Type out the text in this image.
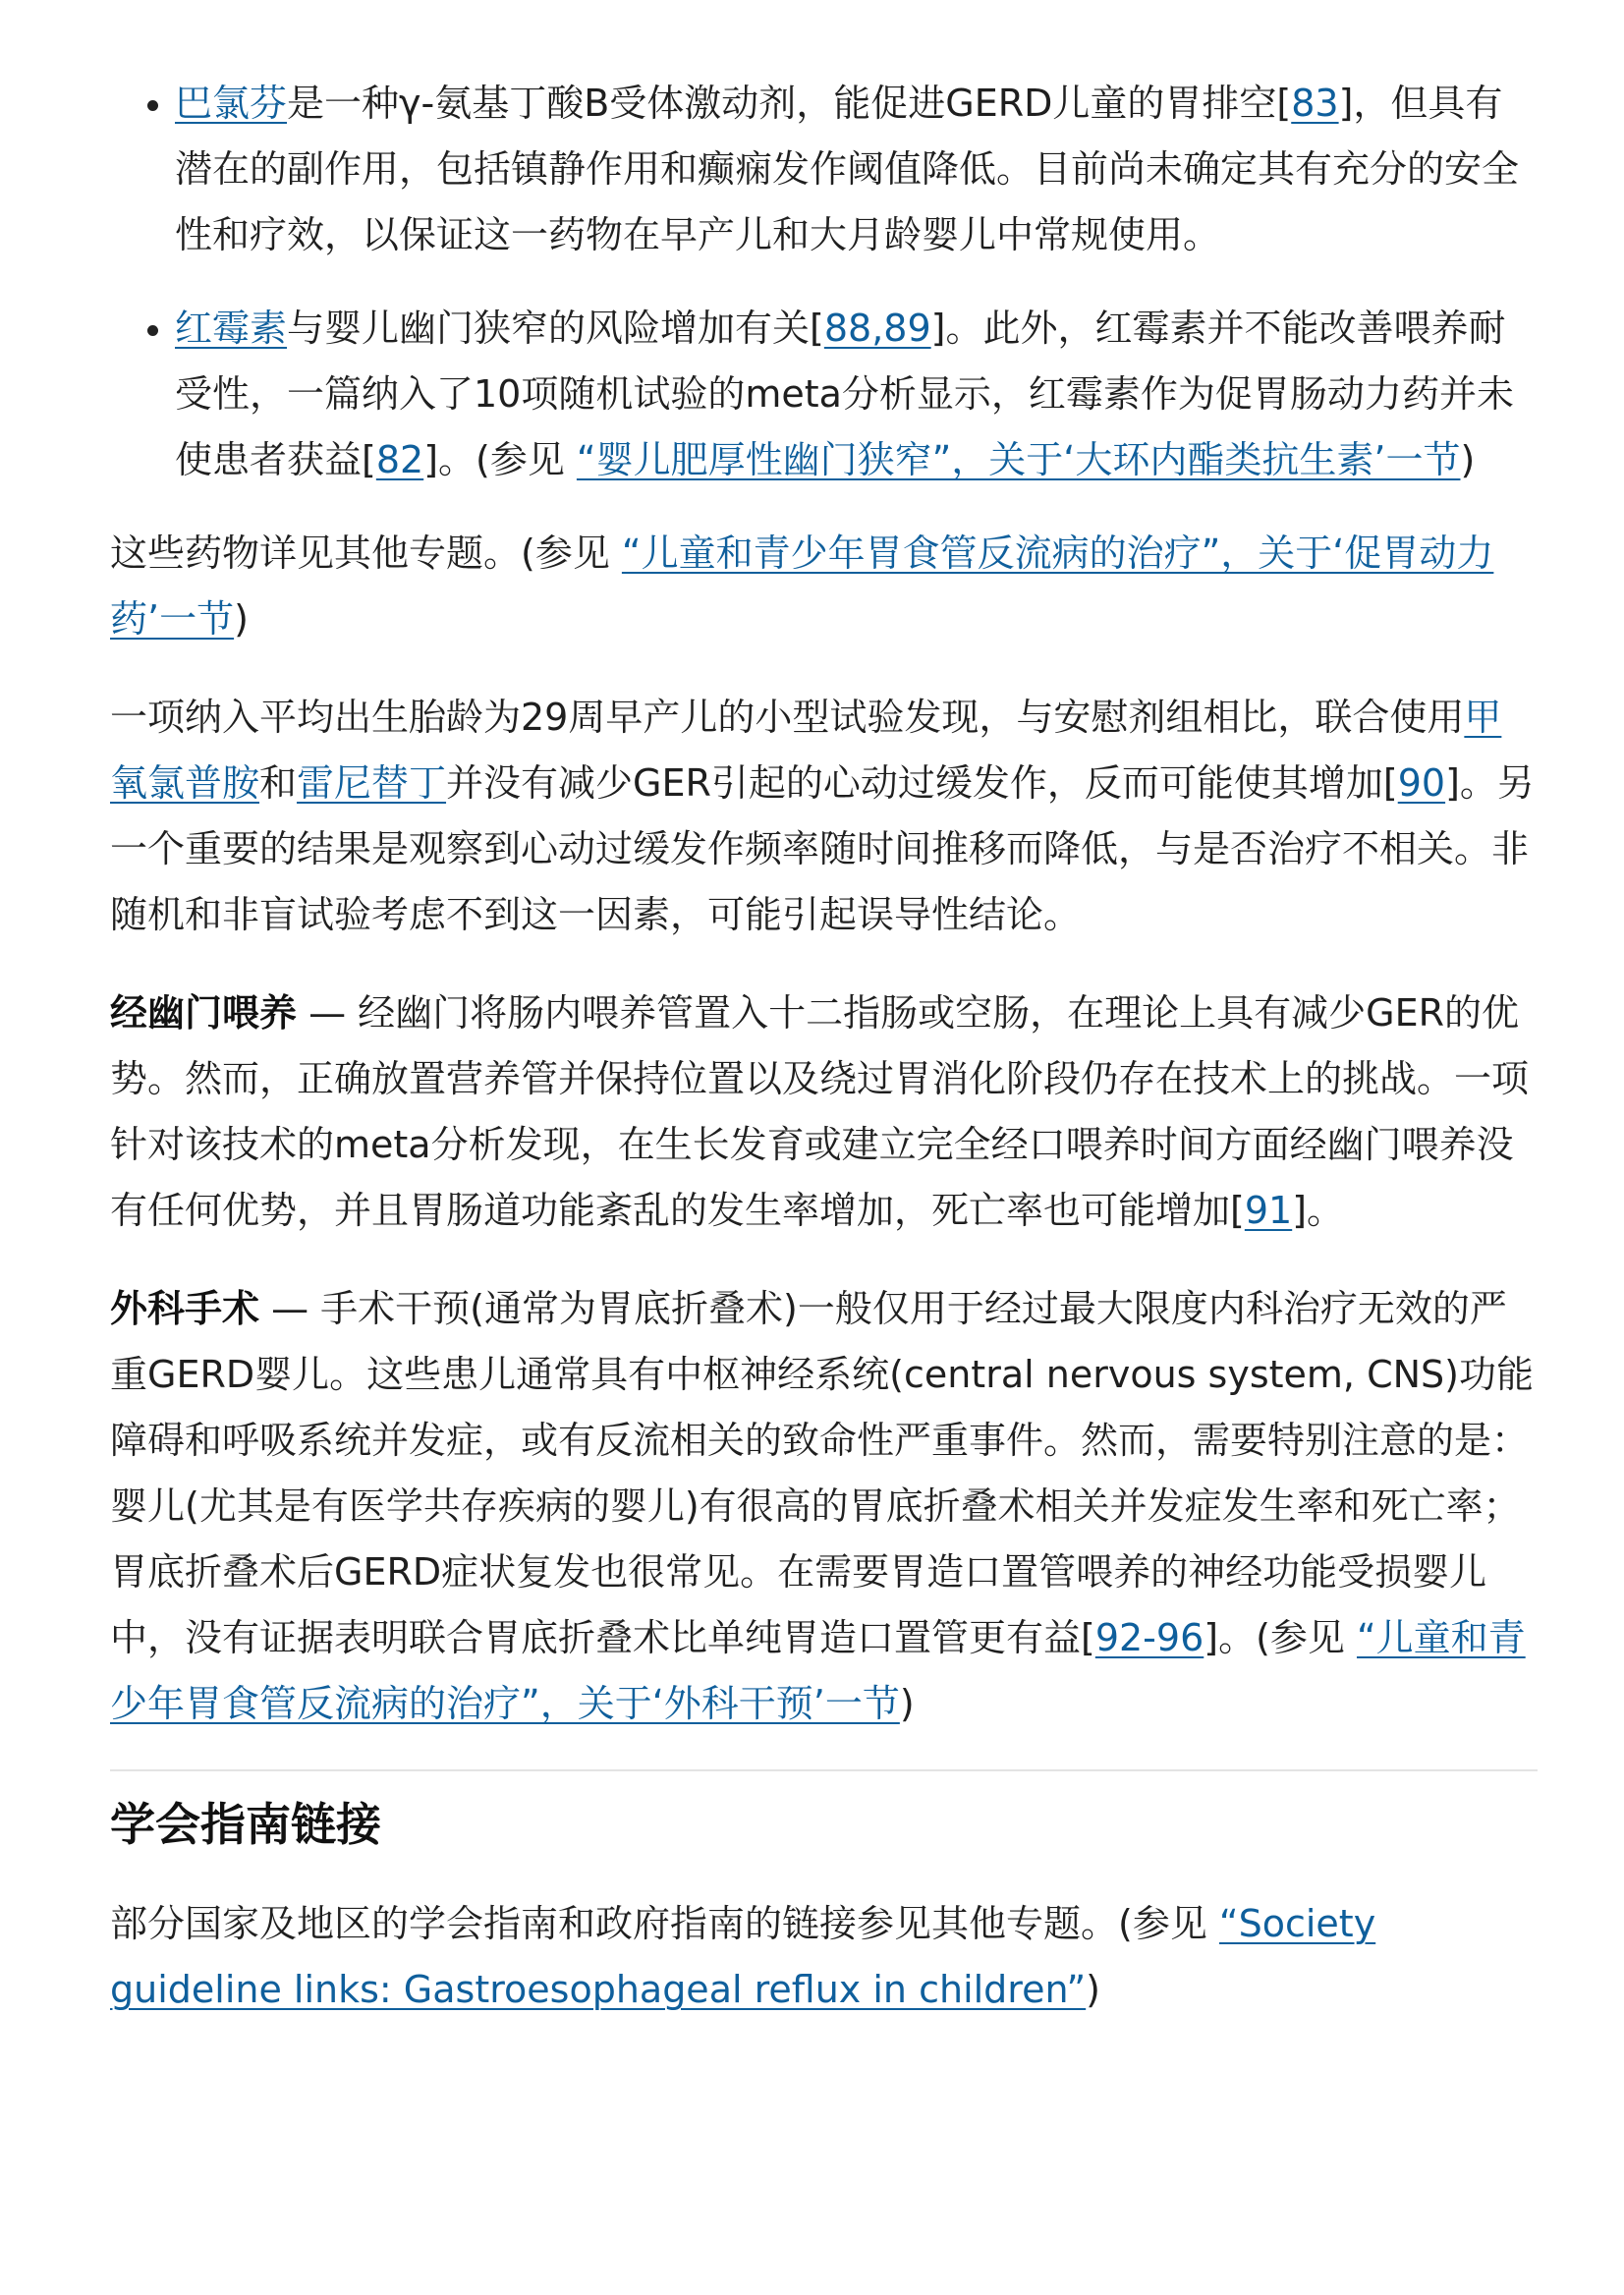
巴氯芬是一种γ-氨基丁酸B受体激动剂，能促进GERD儿童的胃排空[83]，但具有潜在的副作用，包括镇静作用和癫痫发作阈值降低。目前尚未确定其有充分的安全性和疗效，以保证这一药物在早产儿和大月龄婴儿中常规使用。
红霉素与婴儿幽门狭窄的风险增加有关[88,89]。此外，红霉素并不能改善喂养耐受性，一篇纳入了10项随机试验的meta分析显示，红霉素作为促胃肠动力药并未使患者获益[82]。(参见 “婴儿肥厚性幽门狭窄”，关于‘大环内酯类抗生素’一节)

这些药物详见其他专题。(参见 “儿童和青少年胃食管反流病的治疗”，关于‘促胃动力药’一节)

一项纳入平均出生胎龄为29周早产儿的小型试验发现，与安慰剂组相比，联合使用甲氧氯普胺和雷尼替丁并没有减少GER引起的心动过缓发作，反而可能使其增加[90]。另一个重要的结果是观察到心动过缓发作频率随时间推移而降低，与是否治疗不相关。非随机和非盲试验考虑不到这一因素，可能引起误导性结论。

经幽门喂养 — 经幽门将肠内喂养管置入十二指肠或空肠，在理论上具有减少GER的优势。然而，正确放置营养管并保持位置以及绕过胃消化阶段仍存在技术上的挑战。一项针对该技术的meta分析发现，在生长发育或建立完全经口喂养时间方面经幽门喂养没有任何优势，并且胃肠道功能紊乱的发生率增加，死亡率也可能增加[91]。

外科手术 — 手术干预(通常为胃底折叠术)一般仅用于经过最大限度内科治疗无效的严重GERD婴儿。这些患儿通常具有中枢神经系统(central nervous system, CNS)功能障碍和呼吸系统并发症，或有反流相关的致命性严重事件。然而，需要特别注意的是：婴儿(尤其是有医学共存疾病的婴儿)有很高的胃底折叠术相关并发症发生率和死亡率；胃底折叠术后GERD症状复发也很常见。在需要胃造口置管喂养的神经功能受损婴儿中，没有证据表明联合胃底折叠术比单纯胃造口置管更有益[92-96]。(参见 “儿童和青少年胃食管反流病的治疗”，关于‘外科干预’一节)

学会指南链接

部分国家及地区的学会指南和政府指南的链接参见其他专题。(参见 “Society guideline links: Gastroesophageal reflux in children”)
